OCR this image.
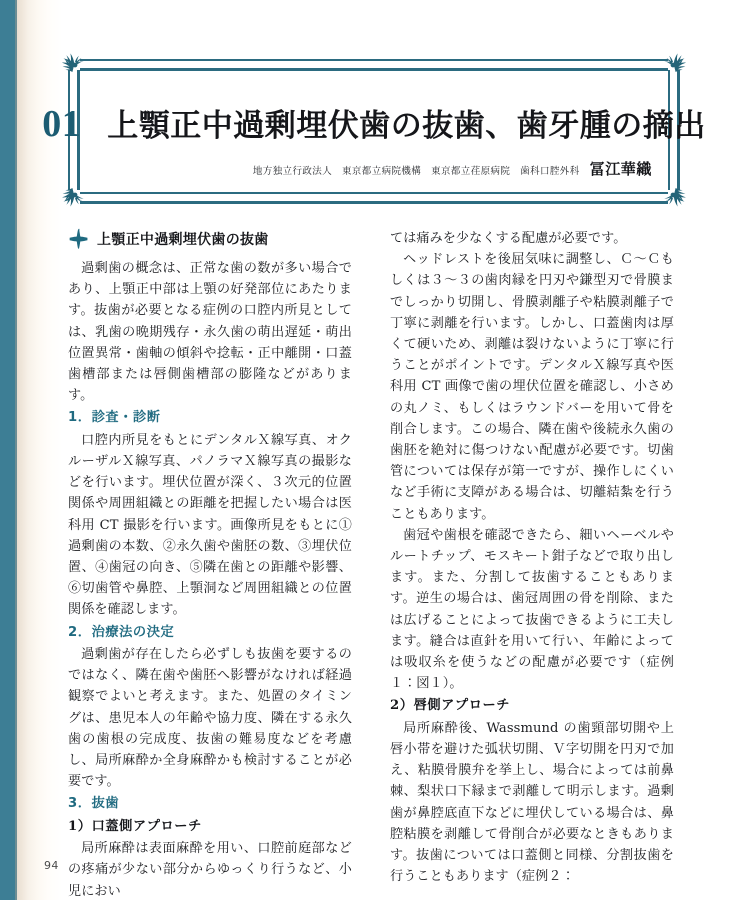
01 上顎正中過剰埋伏歯の抜歯、歯牙腫の摘出
地方独立行政法人　東京都立病院機構　東京都立荏原病院　歯科口腔外科 冨江華織
上顎正中過剰埋伏歯の抜歯

過剰歯の概念は、正常な歯の数が多い場合であり、上顎正中部は上顎の好発部位にあたります。抜歯が必要となる症例の口腔内所見としては、乳歯の晩期残存・永久歯の萌出遅延・萌出位置異常・歯軸の傾斜や捻転・正中離開・口蓋歯槽部または唇側歯槽部の膨隆などがあります。

1．診査・診断

口腔内所見をもとにデンタルＸ線写真、オクルーザルＸ線写真、パノラマＸ線写真の撮影などを行います。埋伏位置が深く、３次元的位置関係や周囲組織との距離を把握したい場合は医科用 CT 撮影を行います。画像所見をもとに①過剰歯の本数、②永久歯や歯胚の数、③埋伏位置、④歯冠の向き、⑤隣在歯との距離や影響、⑥切歯管や鼻腔、上顎洞など周囲組織との位置関係を確認します。

2．治療法の決定

過剰歯が存在したら必ずしも抜歯を要するのではなく、隣在歯や歯胚へ影響がなければ経過観察でよいと考えます。また、処置のタイミングは、患児本人の年齢や協力度、隣在する永久歯の歯根の完成度、抜歯の難易度などを考慮し、局所麻酔か全身麻酔かも検討することが必要です。

3．抜歯
1）口蓋側アプローチ

局所麻酔は表面麻酔を用い、口腔前庭部などの疼痛が少ない部分からゆっくり行うなど、小児におい

ては痛みを少なくする配慮が必要です。

ヘッドレストを後屈気味に調整し、Ｃ～Ｃもしくは３～３の歯肉縁を円刃や鎌型刃で骨膜までしっかり切開し、骨膜剥離子や粘膜剥離子で丁寧に剥離を行います。しかし、口蓋歯肉は厚くて硬いため、剥離は裂けないように丁寧に行うことがポイントです。デンタルＸ線写真や医科用 CT 画像で歯の埋伏位置を確認し、小さめの丸ノミ、もしくはラウンドバーを用いて骨を削合します。この場合、隣在歯や後続永久歯の歯胚を絶対に傷つけない配慮が必要です。切歯管については保存が第一ですが、操作しにくいなど手術に支障がある場合は、切離結紮を行うこともあります。

歯冠や歯根を確認できたら、細いヘーベルやルートチップ、モスキート鉗子などで取り出します。また、分割して抜歯することもあります。逆生の場合は、歯冠周囲の骨を削除、または広げることによって抜歯できるように工夫します。縫合は直針を用いて行い、年齢によっては吸収糸を使うなどの配慮が必要です（症例１：図１）。

2）唇側アプローチ

局所麻酔後、Wassmund の歯頸部切開や上唇小帯を避けた弧状切開、Ｖ字切開を円刃で加え、粘膜骨膜弁を挙上し、場合によっては前鼻棘、梨状口下縁まで剥離して明示します。過剰歯が鼻腔底直下などに埋伏している場合は、鼻腔粘膜を剥離して骨削合が必要なときもあります。抜歯については口蓋側と同様、分割抜歯を行うこともあります（症例２：

94
